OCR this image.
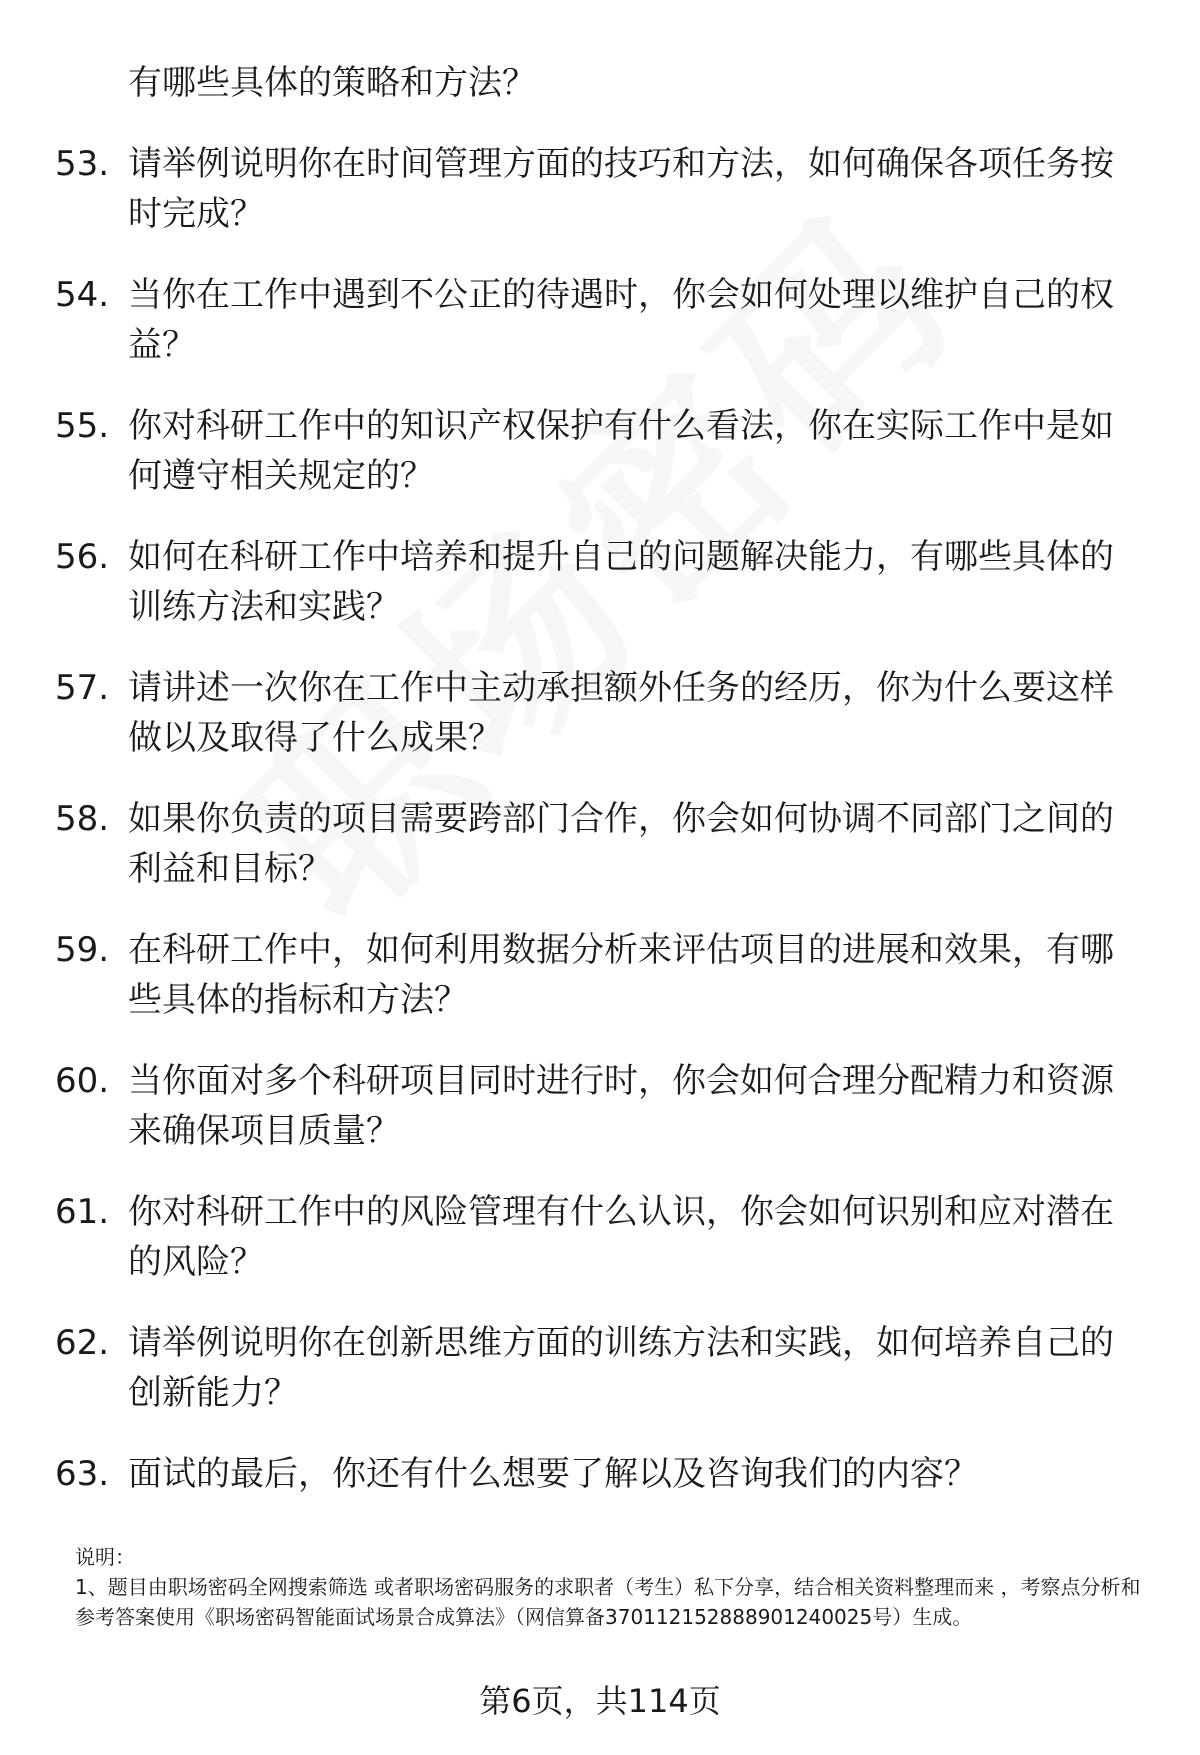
有哪些具体的策略和方法？
53. 请举例说明你在时间管理方面的技巧和方法，如何确保各项任务按时完成？
54. 当你在工作中遇到不公正的待遇时，你会如何处理以维护自己的权益？
55. 你对科研工作中的知识产权保护有什么看法，你在实际工作中是如何遵守相关规定的？
56. 如何在科研工作中培养和提升自己的问题解决能力，有哪些具体的训练方法和实践？
57. 请讲述一次你在工作中主动承担额外任务的经历，你为什么要这样做以及取得了什么成果？
58. 如果你负责的项目需要跨部门合作，你会如何协调不同部门之间的利益和目标？
59. 在科研工作中，如何利用数据分析来评估项目的进展和效果，有哪些具体的指标和方法？
60. 当你面对多个科研项目同时进行时，你会如何合理分配精力和资源来确保项目质量？
61. 你对科研工作中的风险管理有什么认识，你会如何识别和应对潜在的风险？
62. 请举例说明你在创新思维方面的训练方法和实践，如何培养自己的创新能力？
63. 面试的最后，你还有什么想要了解以及咨询我们的内容？
说明：
1、题目由职场密码全网搜索筛选 或者职场密码服务的求职者（考生）私下分享，结合相关资料整理而来 ，考察点分析和参考答案使用《职场密码智能面试场景合成算法》（网信算备370112152888901240025号）生成。
第6页，共114页
